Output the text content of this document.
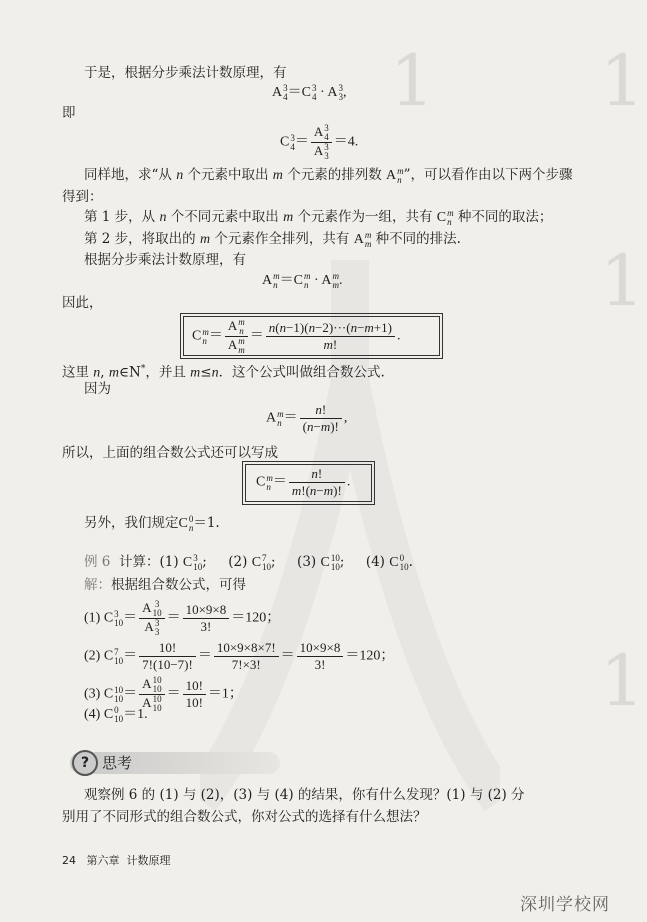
1
1
1
1
于是，根据分步乘法计数原理，有
A 3
4 ＝C 3
4 · A 3
3 ,
即
C 3
4 ＝ A 3
4
A 3
3 ＝4.
同样地，求“从 n 个元素中取出 m 个元素的排列数 A m
n ”，可以看作由以下两个步骤
得到：
第 1 步，从 n 个不同元素中取出 m 个元素作为一组，共有 C m
n 种不同的取法；
第 2 步，将取出的 m 个元素作全排列，共有 A m
m 种不同的排法.
根据分步乘法计数原理，有
A m
n ＝C m
n · A m
m .
因此，
C m
n ＝ A m
n
A m
$m = \frac{n(n-1)(n-2)\cdot\cdot\cdot(n-m+1)}{m!}$ .
这里 n, m∈N*，并且 m≤n．这个公式叫做组合数公式.
因为
A m
$n = \frac{n!}{(n-m)!}$ ,
所以，上面的组合数公式还可以写成
C m
$n = \frac{n!}{m!(n-m)!}$ .
另外，我们规定C 0
n ＝1.
例 6 计算：(1) C 3
10 ;     (2) C 7
10 ;     (3) C 10
10 ;     (4) C 0
10 .
解：根据组合数公式，可得
(1) C 3
10 ＝ A 3
10
A 3
$3 = \frac{10\times 9\times 8}{3!} =120$；
(2) C 7
$10 = \frac{10!}{7!(10-7)!} = \frac{10\times 9\times 8\times 7!}{7!\times 3!} = \frac{10\times 9\times 8}{3!} =120$；
(3) C 10
10 ＝ A 10
10
A 10
$10 = \frac{10!}{10!} =1$；
(4) C 0
10 ＝1.
? 思考
观察例 6 的 (1) 与 (2)，(3) 与 (4) 的结果，你有什么发现？(1) 与 (2) 分
别用了不同形式的组合数公式，你对公式的选择有什么想法？
24 第六章 计数原理
深圳学校网
